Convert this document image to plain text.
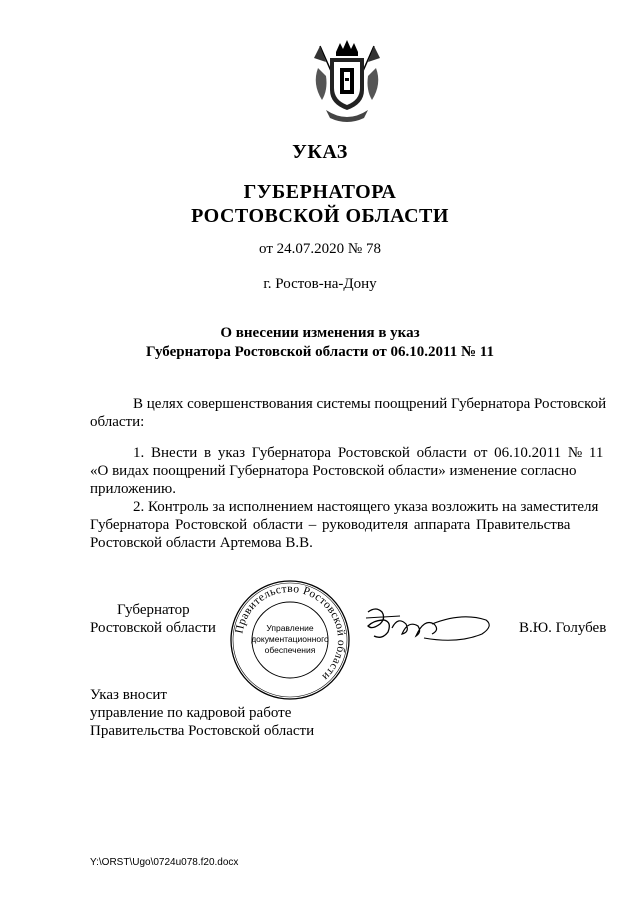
УКАЗ
ГУБЕРНАТОРА
РОСТОВСКОЙ ОБЛАСТИ
от 24.07.2020 № 78
г. Ростов-на-Дону
О внесении изменения в указ
Губернатора Ростовской области от 06.10.2011 № 11
В целях совершенствования системы поощрений Губернатора Ростовской
области:
1. Внести в указ Губернатора Ростовской области от 06.10.2011 № 11
«О видах поощрений Губернатора Ростовской области» изменение согласно
приложению.
2. Контроль за исполнением настоящего указа возложить на заместителя
Губернатора Ростовской области – руководителя аппарата Правительства
Ростовской области Артемова В.В.
Губернатор
Ростовской области Правительство Ростовской области
Управление
документационного
обеспечения
В.Ю. Голубев
Указ вносит
управление по кадровой работе
Правительства Ростовской области
Y:\ORST\Ugo\0724u078.f20.docx
